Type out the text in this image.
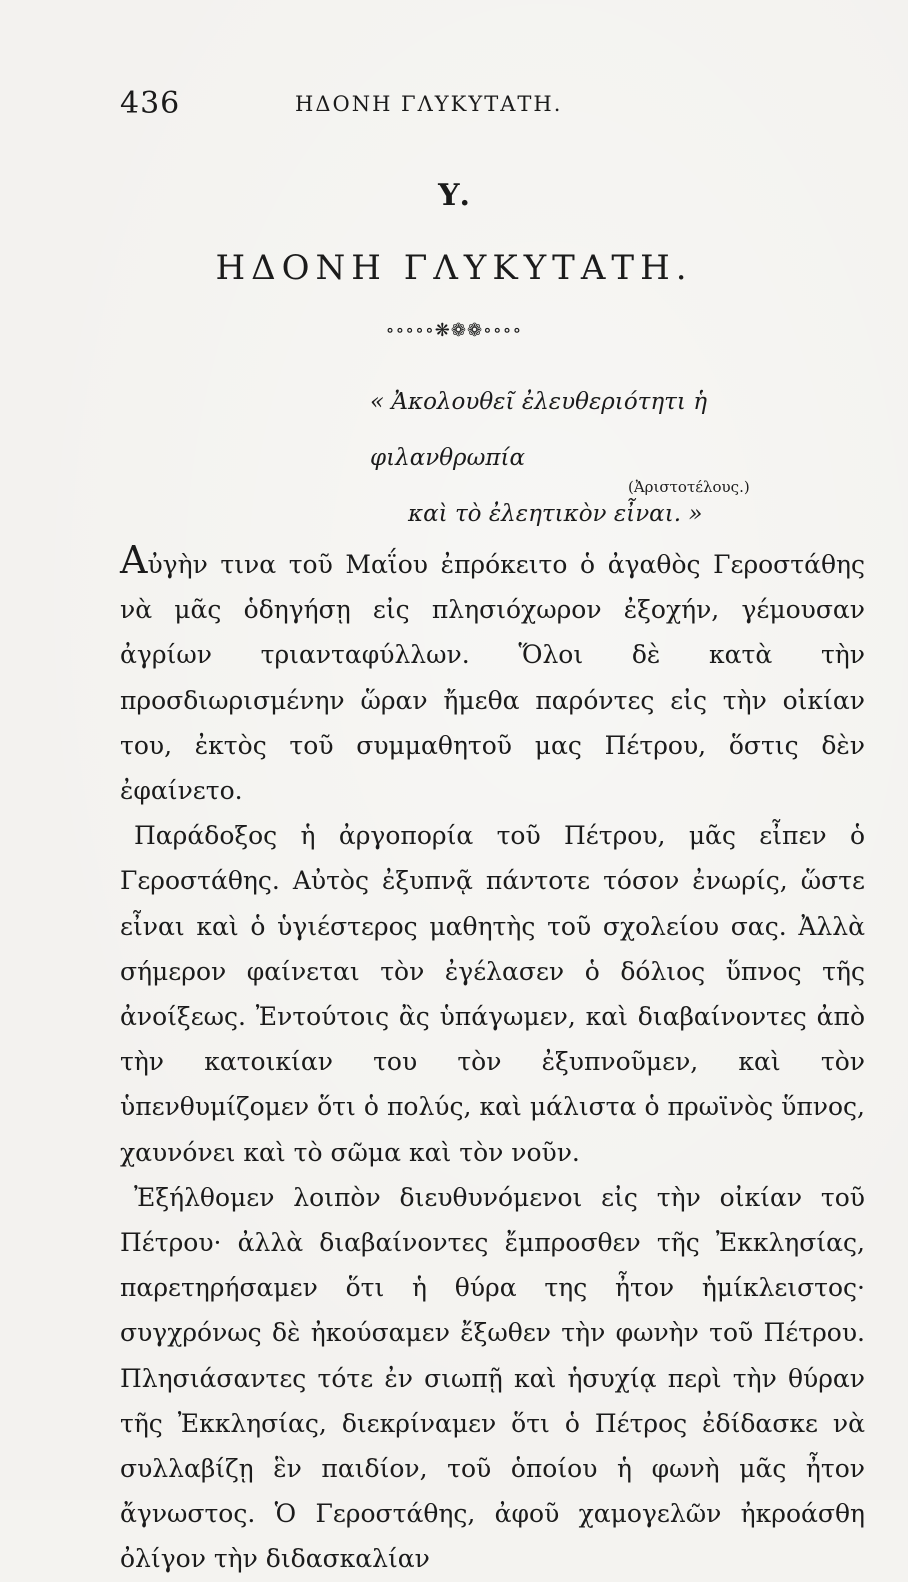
436	ΗΔΟΝΗ ΓΛΥΚΥΤΑΤΗ.
Υ.
ΗΔΟΝΗ ΓΛΥΚΥΤΑΤΗ.
∘∘∘∘∘❋❁❁∘∘∘∘
« Ἀκολουθεῖ ἐλευθεριότητι ἡ φιλανθρωπία
καὶ τὸ ἐλεητικὸν εἶναι. »
(Ἀριστοτέλους.)

Αὐγὴν τινα τοῦ Μαΐου ἐπρόκειτο ὁ ἀγαθὸς Γεροστάθης νὰ μᾶς ὁδηγήσῃ εἰς πλησιόχωρον ἐξοχήν, γέμουσαν ἀγρίων τριανταφύλλων. Ὅλοι δὲ κατὰ τὴν προσδιωρισμένην ὥραν ἤμεθα παρόντες εἰς τὴν οἰκίαν του, ἐκτὸς τοῦ συμμαθητοῦ μας Πέτρου, ὅστις δὲν ἐφαίνετο.

Παράδοξος ἡ ἀργοπορία τοῦ Πέτρου, μᾶς εἶπεν ὁ Γεροστάθης. Αὐτὸς ἐξυπνᾷ πάντοτε τόσον ἐνωρίς, ὥστε εἶναι καὶ ὁ ὑγιέστερος μαθητὴς τοῦ σχολείου σας. Ἀλλὰ σήμερον φαίνεται τὸν ἐγέλασεν ὁ δόλιος ὕπνος τῆς ἀνοίξεως. Ἐντούτοις ἂς ὑπάγωμεν, καὶ διαβαίνοντες ἀπὸ τὴν κατοικίαν του τὸν ἐξυπνοῦμεν, καὶ τὸν ὑπενθυμίζομεν ὅτι ὁ πολύς, καὶ μάλιστα ὁ πρωϊνὸς ὕπνος, χαυνόνει καὶ τὸ σῶμα καὶ τὸν νοῦν.

Ἐξήλθομεν λοιπὸν διευθυνόμενοι εἰς τὴν οἰκίαν τοῦ Πέτρου· ἀλλὰ διαβαίνοντες ἔμπροσθεν τῆς Ἐκκλησίας, παρετηρήσαμεν ὅτι ἡ θύρα της ἦτον ἡμίκλειστος· συγχρόνως δὲ ἠκούσαμεν ἔξωθεν τὴν φωνὴν τοῦ Πέτρου. Πλησιάσαντες τότε ἐν σιωπῇ καὶ ἡσυχίᾳ περὶ τὴν θύραν τῆς Ἐκκλησίας, διεκρίναμεν ὅτι ὁ Πέτρος ἐδίδασκε νὰ συλλαβίζῃ ἓν παιδίον, τοῦ ὁποίου ἡ φωνὴ μᾶς ἦτον ἄγνωστος. Ὁ Γεροστάθης, ἀφοῦ χαμογελῶν ἠκροάσθη ὀλίγον τὴν διδασκαλίαν
